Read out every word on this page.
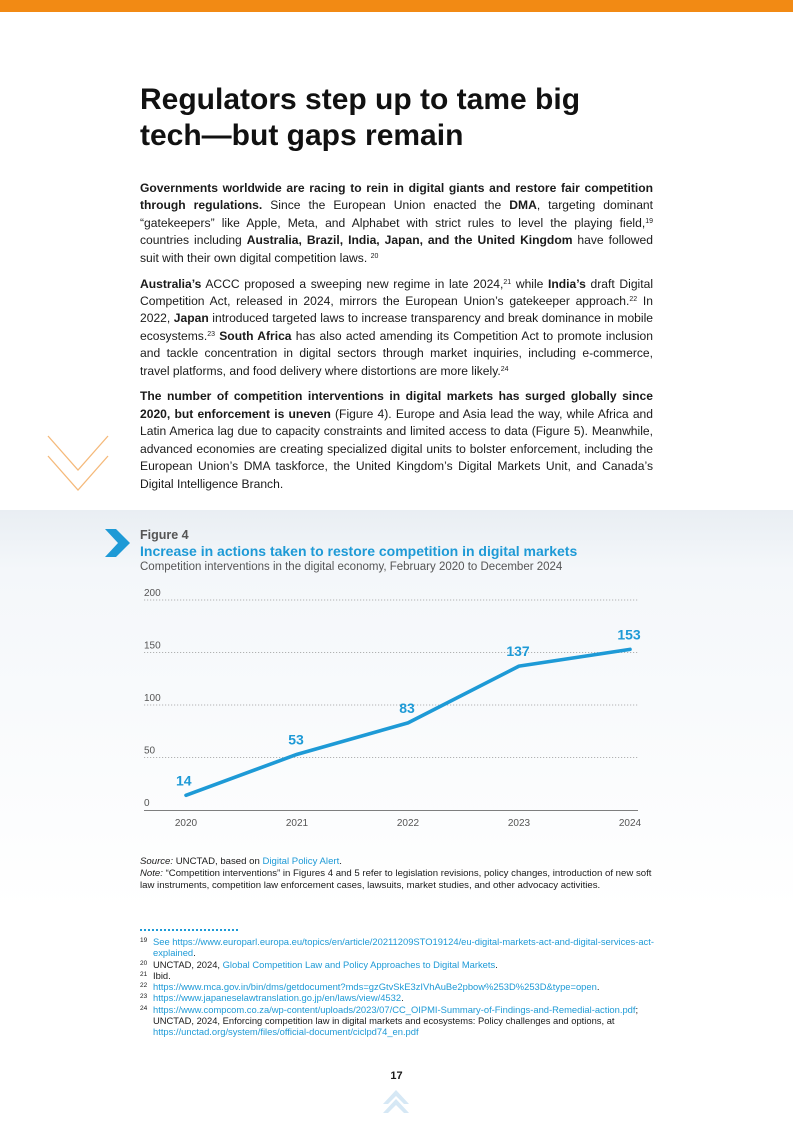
Regulators step up to tame big
tech—but gaps remain

Governments worldwide are racing to rein in digital giants and restore fair competition through regulations. Since the European Union enacted the DMA, targeting dominant “gatekeepers” like Apple, Meta, and Alphabet with strict rules to level the playing field,$^{19}$ countries including Australia, Brazil, India, Japan, and the United Kingdom have followed suit with their own digital competition laws. $^{20}$

Australia’s ACCC proposed a sweeping new regime in late 2024,21 while India’s draft Digital Competition Act, released in 2024, mirrors the European Union’s gatekeeper approach.$^{22}$ In 2022, Japan introduced targeted laws to increase transparency and break dominance in mobile ecosystems.$^{23}$ South Africa has also acted amending its Competition Act to promote inclusion and tackle concentration in digital sectors through market inquiries, including e-commerce, travel platforms, and food delivery where distortions are more likely.$^{24}$

The number of competition interventions in digital markets has surged globally since 2020, but enforcement is uneven (Figure 4). Europe and Asia lead the way, while Africa and Latin America lag due to capacity constraints and limited access to data (Figure 5). Meanwhile, advanced economies are creating specialized digital units to bolster enforcement, including the European Union’s DMA taskforce, the United Kingdom’s Digital Markets Unit, and Canada’s Digital Intelligence Branch.

Figure 4
Increase in actions taken to restore competition in digital markets
Competition interventions in the digital economy, February 2020 to December 2024
0
50
100
150
200
14
53
83
137
153
2020	2021	2022	2023	2024

Source: UNCTAD, based on Digital Policy Alert.

Note: “Competition interventions” in Figures 4 and 5 refer to legislation revisions, policy changes, introduction of new soft law instruments, competition law enforcement cases, lawsuits, market studies, and other advocacy activities.

19 See https://www.europarl.europa.eu/topics/en/article/20211209STO19124/eu-digital-markets-act-and-digital-services-act-explained.
20 UNCTAD, 2024, Global Competition Law and Policy Approaches to Digital Markets.
21 Ibid.
22 https://www.mca.gov.in/bin/dms/getdocument?mds=gzGtvSkE3zIVhAuBe2pbow%253D%253D&type=open.
23 https://www.japaneselawtranslation.go.jp/en/laws/view/4532.
24 https://www.compcom.co.za/wp-content/uploads/2023/07/CC_OIPMI-Summary-of-Findings-and-Remedial-action.pdf; UNCTAD, 2024, Enforcing competition law in digital markets and ecosystems: Policy challenges and options, at https://unctad.org/system/files/official-document/ciclpd74_en.pdf
17
